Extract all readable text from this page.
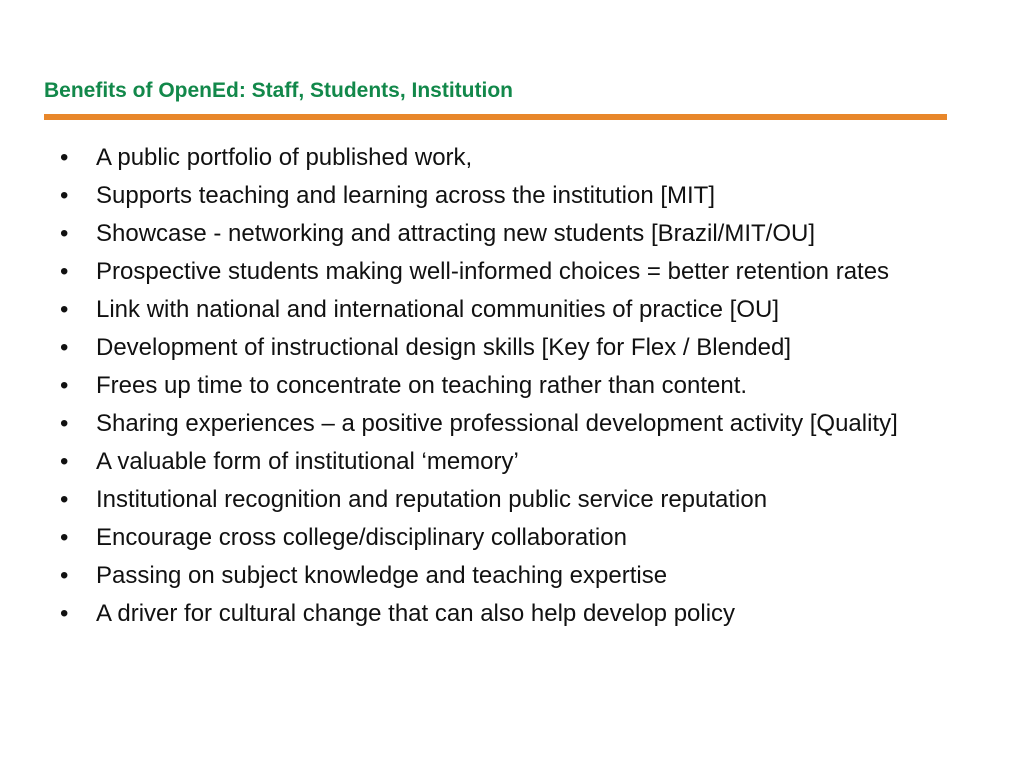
Benefits of OpenEd: Staff, Students, Institution
•	A public portfolio of published work,
•	Supports teaching and learning across the institution [MIT]
•	Showcase - networking and attracting new students [Brazil/MIT/OU]
•	Prospective students making well-informed choices = better retention rates
•	Link with national and international communities of practice [OU]
•	Development of instructional design skills [Key for Flex / Blended]
•	Frees up time to concentrate on teaching rather than content.
•	Sharing experiences – a positive professional development activity [Quality]
•	A valuable form of institutional ‘memory’
•	Institutional recognition and reputation public service reputation
•	Encourage cross college/disciplinary collaboration
•	Passing on subject knowledge and teaching expertise
•	A driver for cultural change that can also help develop policy
